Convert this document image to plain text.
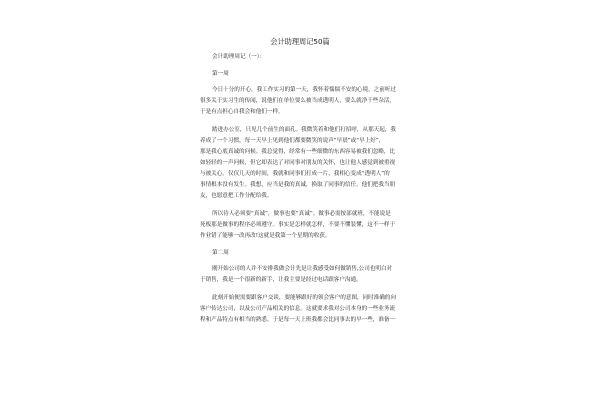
会计助理周记50篇
会计助理周记（一）：
第一周
今日十分的开心，我工作实习的第一天，我怀着惴惴不安的心境，之前听过
很多关于实习生的传闻，说他们在单位要么被当成透明人，要么就净干些杂活，
于是有点担心自我会和他们一样。
踏进办公室，只见几个前生的面孔。我微笑着和他们打招呼，从那天起，我
养成了一个习惯，每一天早上见到他们都要微笑的说声“早晨”或“早上好”，
那是我心底真诚的问候。我总觉得，经常有一些细微的东西容易被我们忽略，比
如轻轻的一声问候，但它却表达了对同事对朋友的关怀，也让他人感觉到被重视
与被关心。仅仅几天的时间，我就和同事们打成一片，我相心变成“透明人”的
事情根本没有发生。我想，应当是我的真诚，换取了同事的信任。他们把我当朋
友，也愿意把工作分配给我。
所以待人必须要“真诚”，做事也要“真诚”。做事必需按部就班，不能说是
死板那是做事的程序必须遵守。事实是怎样就怎样，不要不懂装懂，这不一样于
作业错了能够一改再改!这就是我第一个星期的收获。
第二周
刚开始公司的人并不安排我做会计先是让我感受如何做销售,公司也明白对
于销售，我是一个很新的新手，让我主要是经过电话跟客户沟通。
此刻开始便需要跟客户交谈，要能够跟好的领会客户的意图，同时准确的向
客户传达公司，以及公司产品相关的信息。这就要求我对公司本身的一些业务流
程和产品特点有相当的熟悉。于是每一天上班我都会比同事去的早一些，准备一
